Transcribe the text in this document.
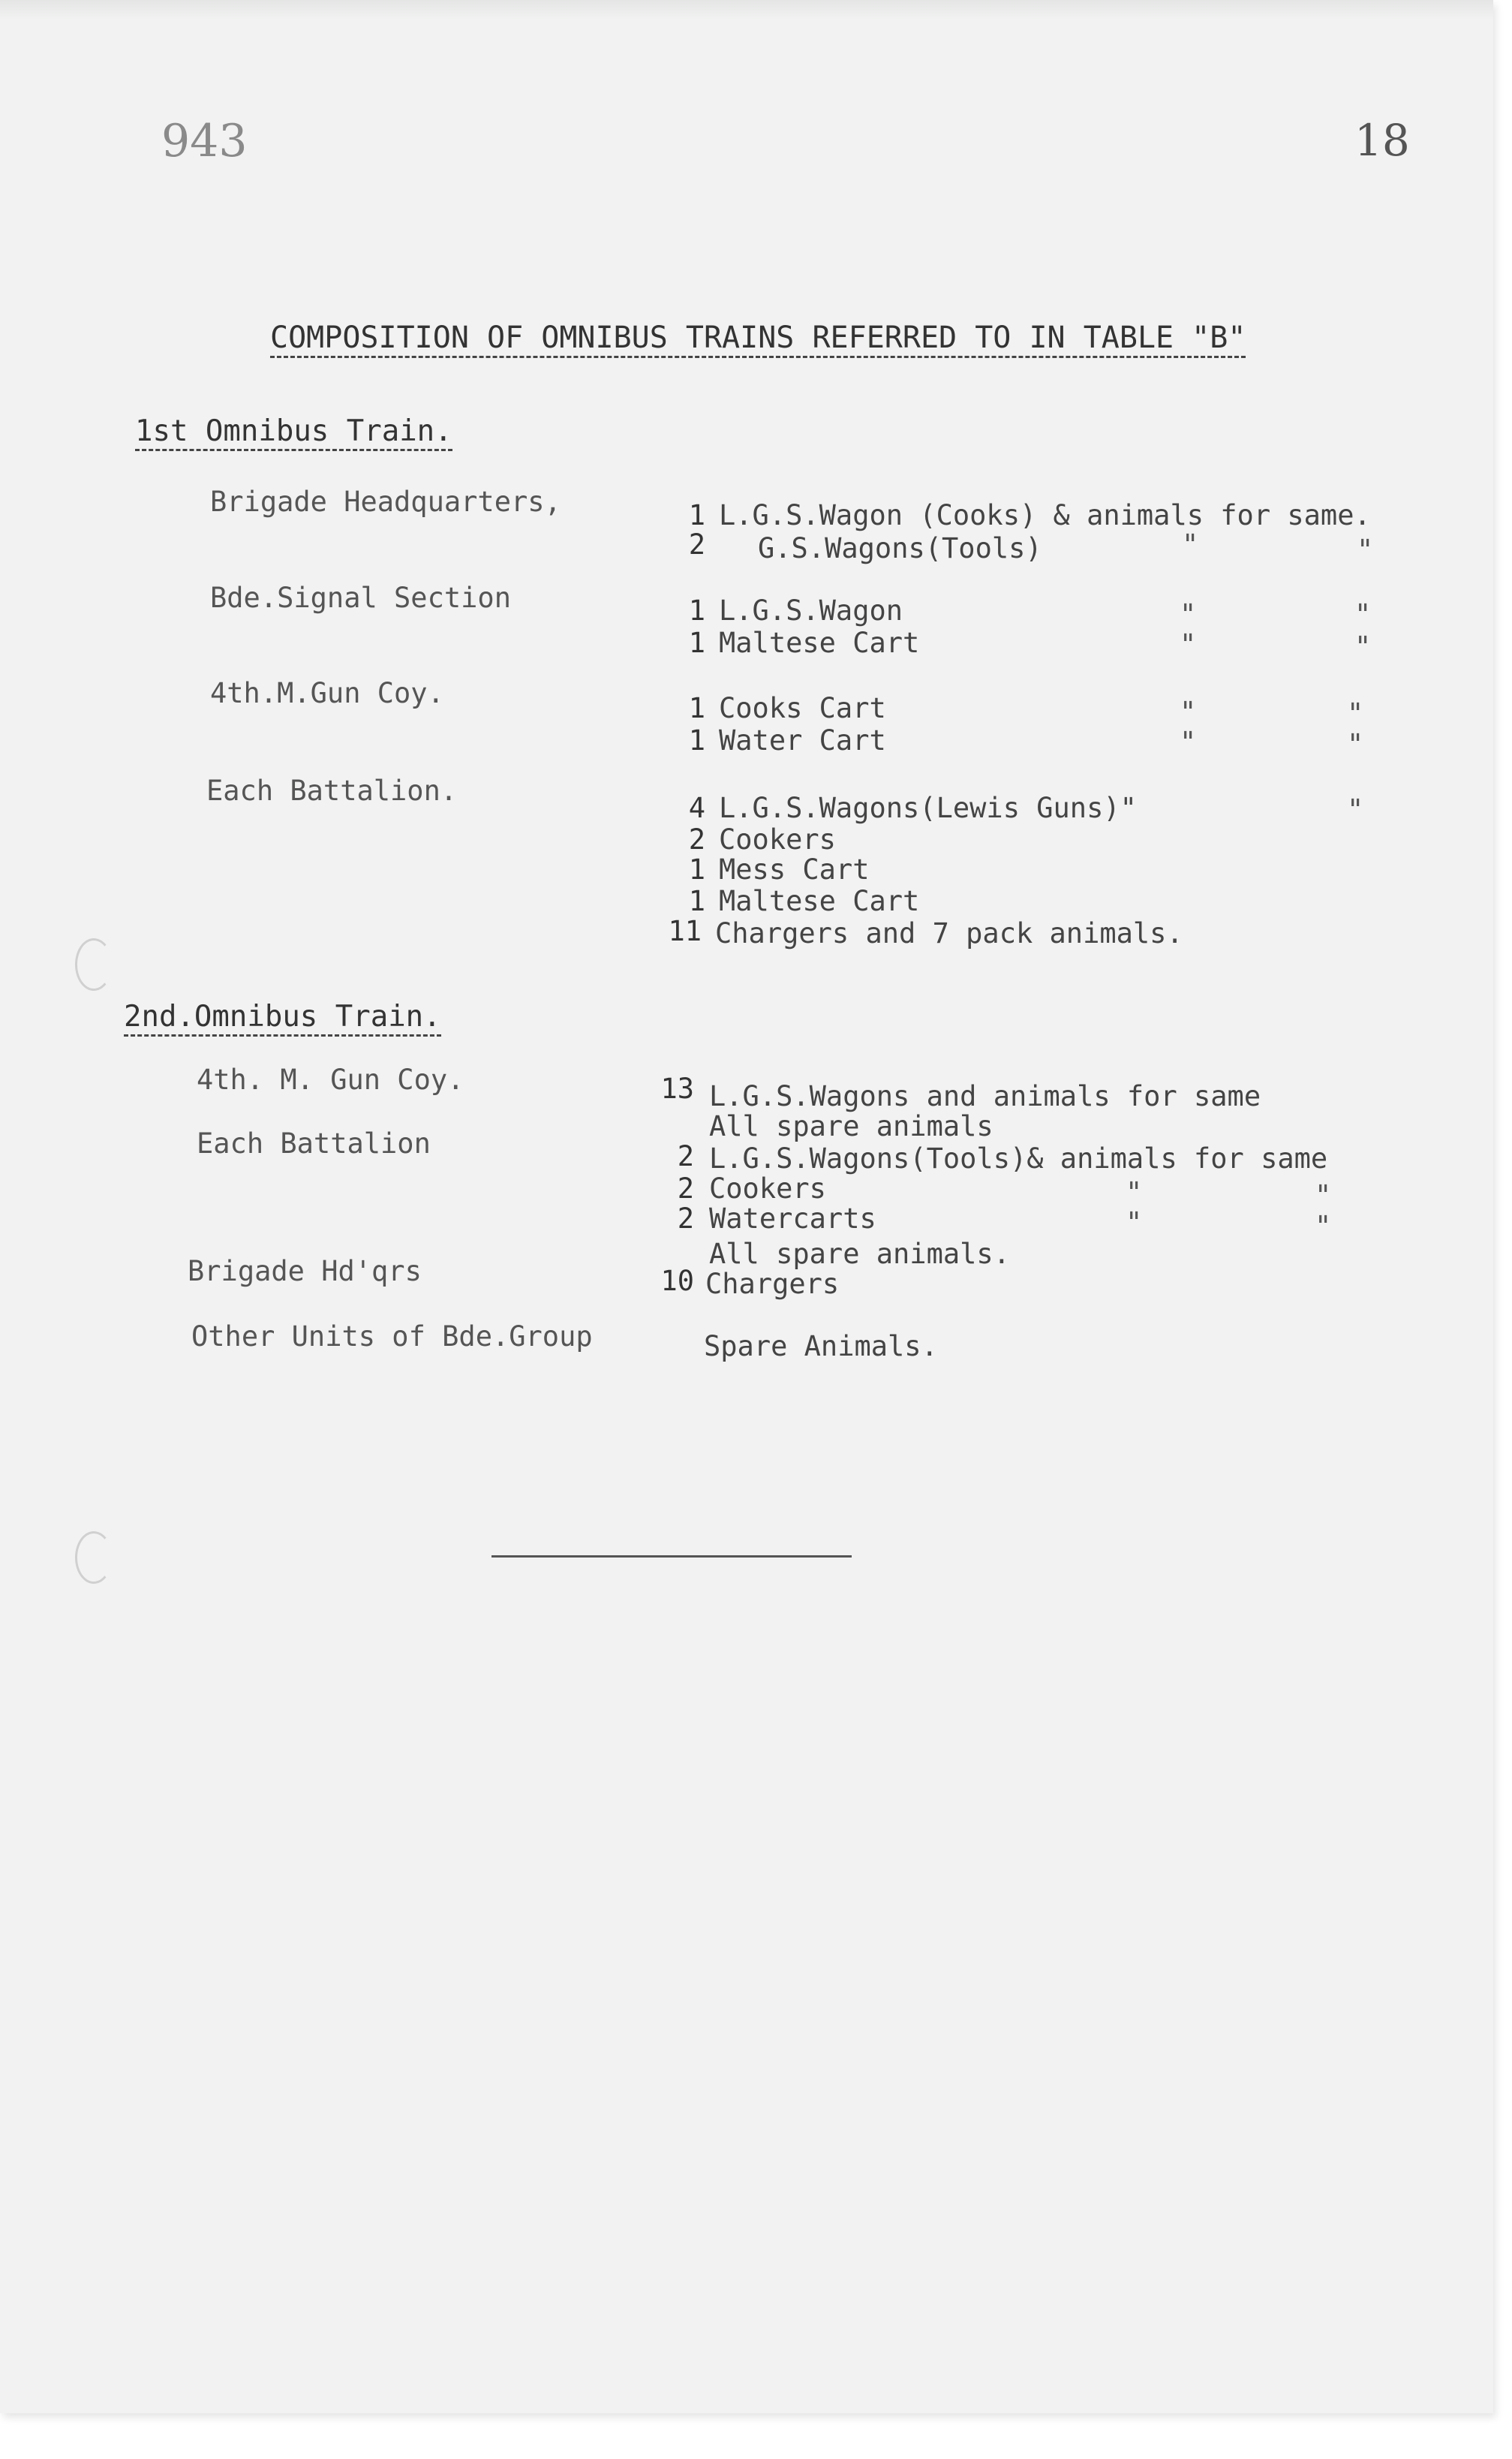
943	18
COMPOSITION OF OMNIBUS TRAINS REFERRED TO IN TABLE "B"
1st Omnibus Train.
Brigade Headquarters,	1 L.G.S.Wagon (Cooks) & animals for same.
2 G.S.Wagons(Tools)	"	"
Bde.Signal Section	1 L.G.S.Wagon	"	"
1 Maltese Cart	"	"
4th.M.Gun Coy.	1 Cooks Cart	"	"
1 Water Cart	"	"
Each Battalion.
4 L.G.S.Wagons(Lewis Guns)"	"
2 Cookers
1 Mess Cart
1 Maltese Cart
11 Chargers and 7 pack animals.
2nd.Omnibus Train.
4th. M. Gun Coy.	13 L.G.S.Wagons and animals for same
All spare animals
Each Battalion	2 L.G.S.Wagons(Tools)& animals for same
2 Cookers	"	"
2 Watercarts	"	"
All spare animals.
Brigade Hd'qrs	10 Chargers
Other Units of Bde.Group	Spare Animals.
